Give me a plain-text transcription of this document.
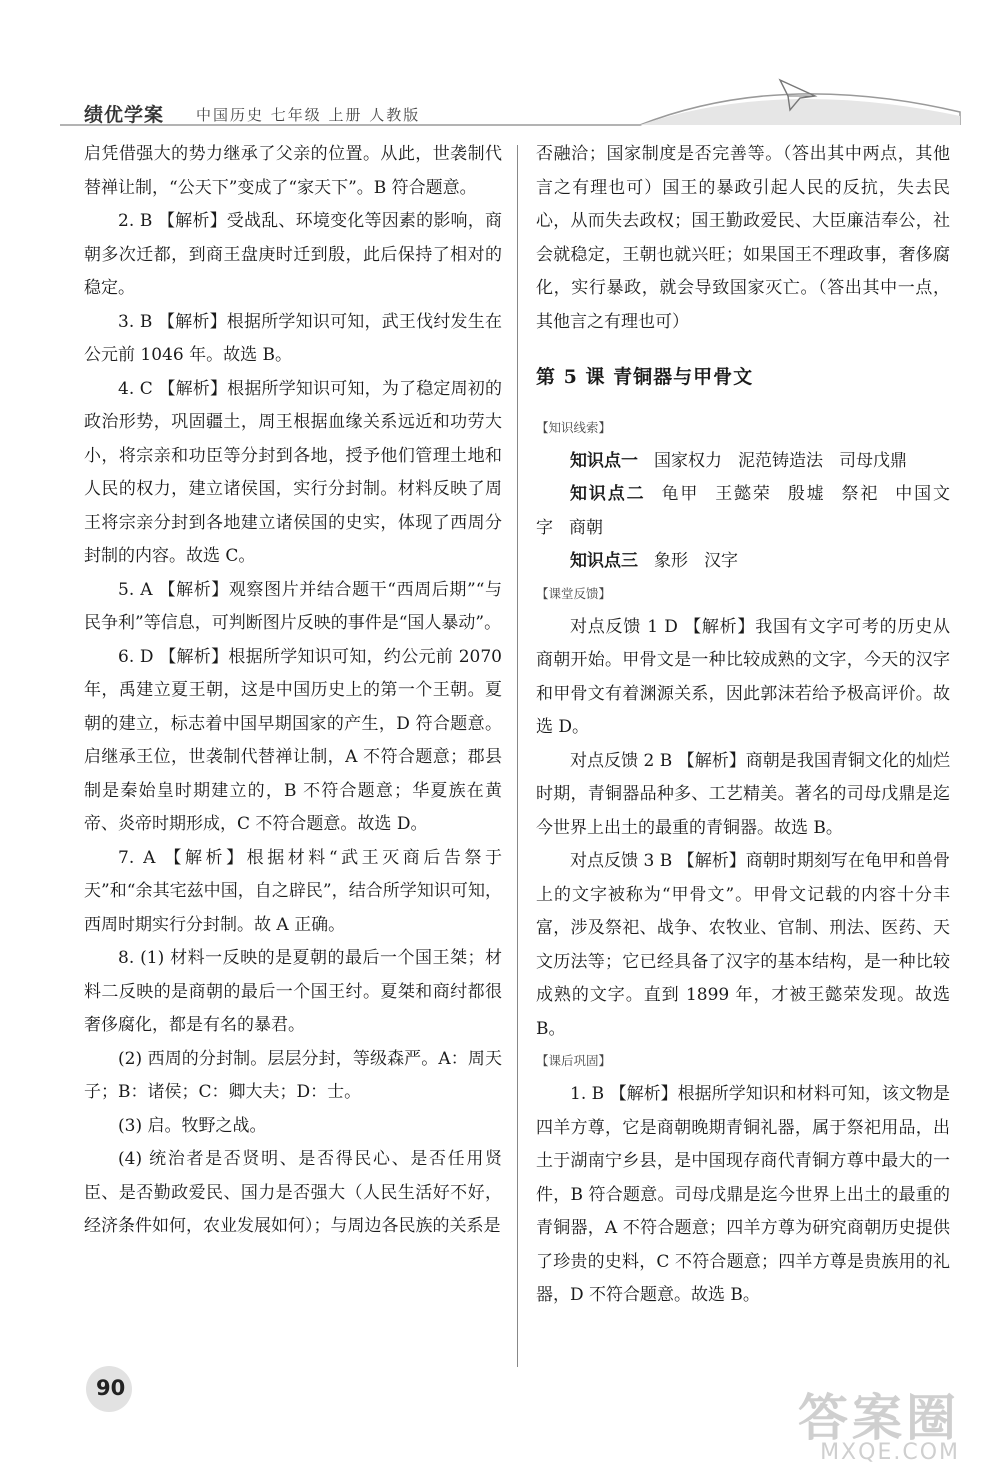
绩优学案 中国历史 七年级 上册 人教版

启凭借强大的势力继承了父亲的位置。从此，世袭制代替禅让制，“公天下”变成了“家天下”。B 符合题意。

2. B 【解析】受战乱、环境变化等因素的影响，商朝多次迁都，到商王盘庚时迁到殷，此后保持了相对的稳定。

3. B 【解析】根据所学知识可知，武王伐纣发生在公元前 1046 年。故选 B。

4. C 【解析】根据所学知识可知，为了稳定周初的政治形势，巩固疆土，周王根据血缘关系远近和功劳大小，将宗亲和功臣等分封到各地，授予他们管理土地和人民的权力，建立诸侯国，实行分封制。材料反映了周王将宗亲分封到各地建立诸侯国的史实，体现了西周分封制的内容。故选 C。

5. A 【解析】观察图片并结合题干“西周后期”“与民争利”等信息，可判断图片反映的事件是“国人暴动”。

6. D 【解析】根据所学知识可知，约公元前 2070 年，禹建立夏王朝，这是中国历史上的第一个王朝。夏朝的建立，标志着中国早期国家的产生，D 符合题意。启继承王位，世袭制代替禅让制，A 不符合题意；郡县制是秦始皇时期建立的，B 不符合题意；华夏族在黄帝、炎帝时期形成，C 不符合题意。故选 D。

7. A 【解析】根据材料“武王灭商后告祭于天”和“余其宅兹中国，自之辟民”，结合所学知识可知，西周时期实行分封制。故 A 正确。

8. (1) 材料一反映的是夏朝的最后一个国王桀；材料二反映的是商朝的最后一个国王纣。夏桀和商纣都很奢侈腐化，都是有名的暴君。

(2) 西周的分封制。层层分封，等级森严。A：周天子；B：诸侯；C：卿大夫；D：士。

(3) 启。牧野之战。

(4) 统治者是否贤明、是否得民心、是否任用贤臣、是否勤政爱民、国力是否强大（人民生活好不好，经济条件如何，农业发展如何）；与周边各民族的关系是

否融洽；国家制度是否完善等。（答出其中两点，其他言之有理也可）国王的暴政引起人民的反抗，失去民心，从而失去政权；国王勤政爱民、大臣廉洁奉公，社会就稳定，王朝也就兴旺；如果国王不理政事，奢侈腐化，实行暴政，就会导致国家灭亡。（答出其中一点，其他言之有理也可）

第 5 课 青铜器与甲骨文

【知识线索】

知识点一 国家权力 泥范铸造法 司母戊鼎

知识点二 龟甲 王懿荣 殷墟 祭祀 中国文字 商朝

知识点三 象形 汉字

【课堂反馈】

对点反馈 1 D 【解析】我国有文字可考的历史从商朝开始。甲骨文是一种比较成熟的文字，今天的汉字和甲骨文有着渊源关系，因此郭沫若给予极高评价。故选 D。

对点反馈 2 B 【解析】商朝是我国青铜文化的灿烂时期，青铜器品种多、工艺精美。著名的司母戊鼎是迄今世界上出土的最重的青铜器。故选 B。

对点反馈 3 B 【解析】商朝时期刻写在龟甲和兽骨上的文字被称为“甲骨文”。甲骨文记载的内容十分丰富，涉及祭祀、战争、农牧业、官制、刑法、医药、天文历法等；它已经具备了汉字的基本结构，是一种比较成熟的文字。直到 1899 年，才被王懿荣发现。故选 B。

【课后巩固】

1. B 【解析】根据所学知识和材料可知，该文物是四羊方尊，它是商朝晚期青铜礼器，属于祭祀用品，出土于湖南宁乡县，是中国现存商代青铜方尊中最大的一件，B 符合题意。司母戊鼎是迄今世界上出土的最重的青铜器，A 不符合题意；四羊方尊为研究商朝历史提供了珍贵的史料，C 不符合题意；四羊方尊是贵族用的礼器，D 不符合题意。故选 B。

90
答案圈
MXQE.COM
